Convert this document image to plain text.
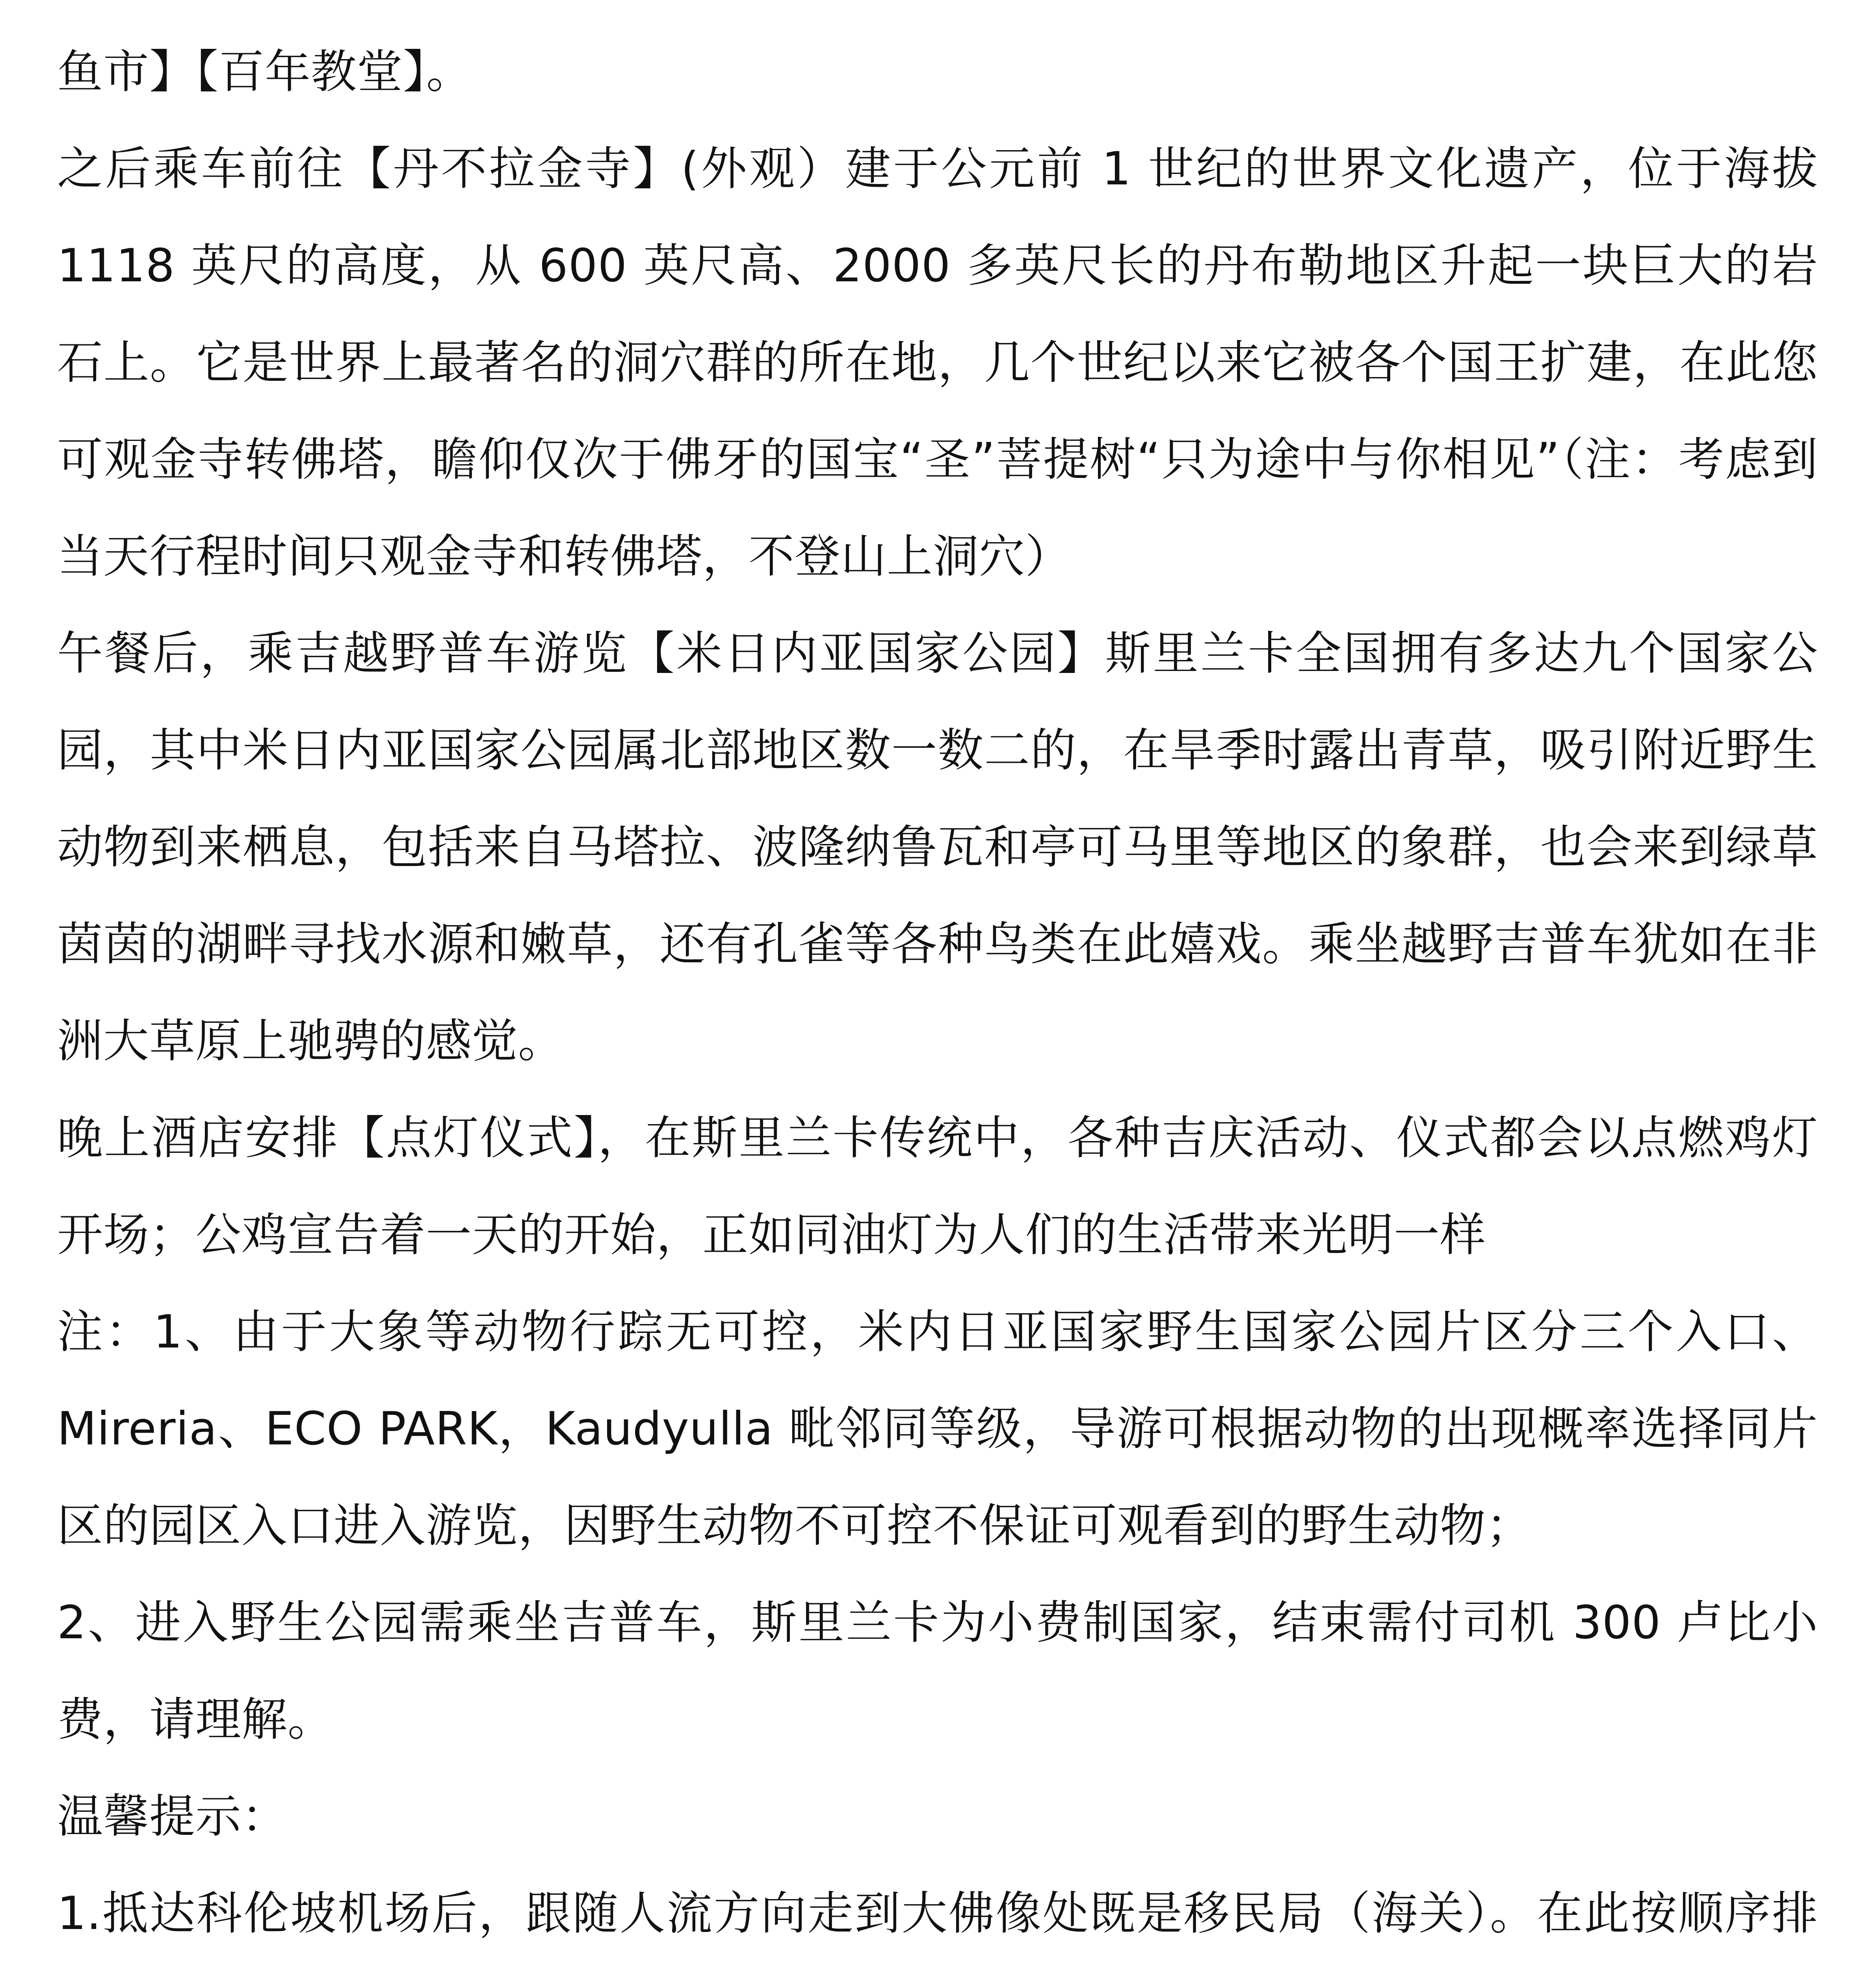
鱼市】【百年教堂】。

之后乘车前往【丹不拉金寺】(外观）建于公元前 1 世纪的世界文化遗产，位于海拔 1118 英尺的高度，从 600 英尺高、2000 多英尺长的丹布勒地区升起一块巨大的岩石上。它是世界上最著名的洞穴群的所在地，几个世纪以来它被各个国王扩建，在此您可观金寺转佛塔，瞻仰仅次于佛牙的国宝“圣”菩提树“只为途中与你相见”（注：考虑到当天行程时间只观金寺和转佛塔，不登山上洞穴）

午餐后，乘吉越野普车游览【米日内亚国家公园】斯里兰卡全国拥有多达九个国家公园，其中米日内亚国家公园属北部地区数一数二的，在旱季时露出青草，吸引附近野生动物到来栖息，包括来自马塔拉、波隆纳鲁瓦和亭可马里等地区的象群，也会来到绿草茵茵的湖畔寻找水源和嫩草，还有孔雀等各种鸟类在此嬉戏。乘坐越野吉普车犹如在非洲大草原上驰骋的感觉。

晚上酒店安排【点灯仪式】，在斯里兰卡传统中，各种吉庆活动、仪式都会以点燃鸡灯开场；公鸡宣告着一天的开始，正如同油灯为人们的生活带来光明一样

注：1、由于大象等动物行踪无可控，米内日亚国家野生国家公园片区分三个入口、Mireria、ECO PARK，Kaudyulla 毗邻同等级，导游可根据动物的出现概率选择同片区的园区入口进入游览，因野生动物不可控不保证可观看到的野生动物；

2、进入野生公园需乘坐吉普车，斯里兰卡为小费制国家，结束需付司机 300 卢比小费，请理解。

温馨提示：

1.抵达科伦坡机场后，跟随人流方向走到大佛像处既是移民局（海关）。在此按顺序排
